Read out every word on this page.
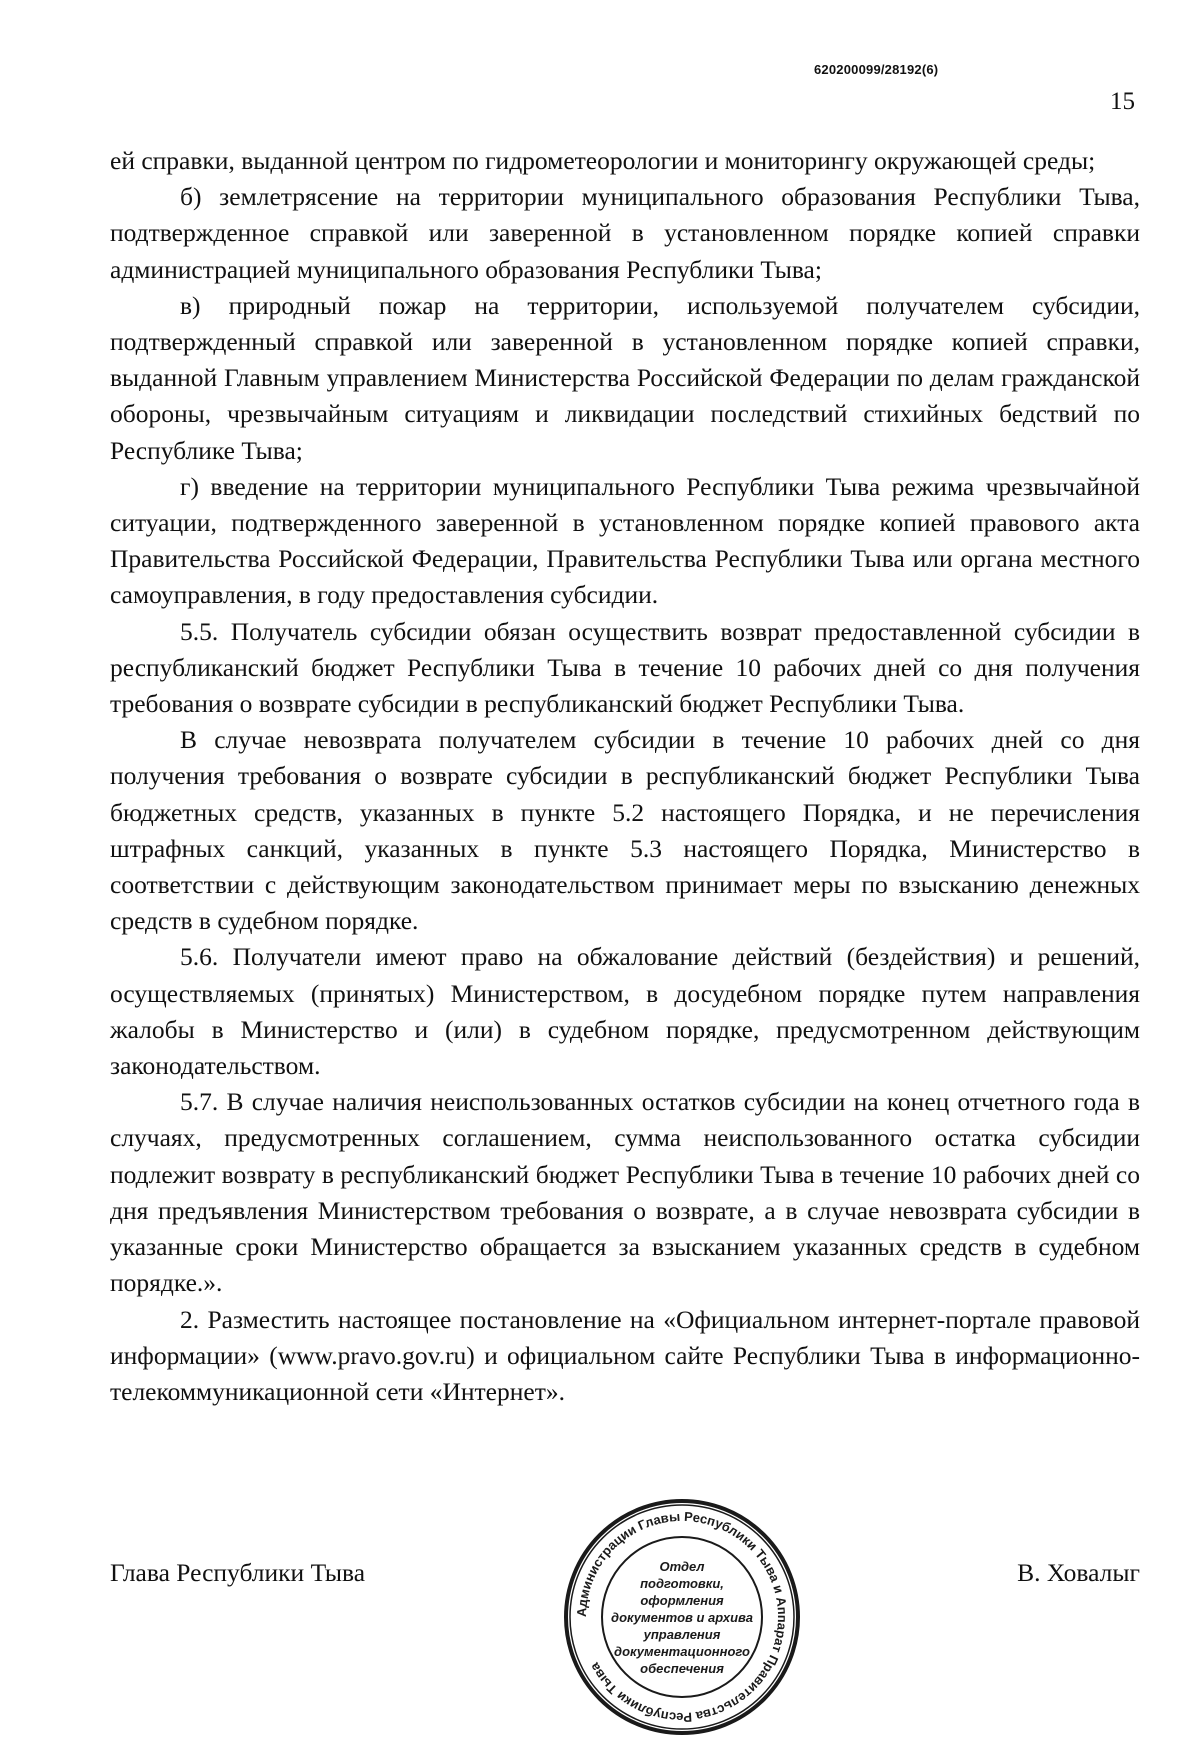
620200099/28192(6)
15

ей справки, выданной центром по гидрометеорологии и мониторингу окружающей среды;

б) землетрясение на территории муниципального образования Республики Тыва, подтвержденное справкой или заверенной в установленном порядке копией справки администрацией муниципального образования Республики Тыва;

в) природный пожар на территории, используемой получателем субсидии, подтвержденный справкой или заверенной в установленном порядке копией справки, выданной Главным управлением Министерства Российской Федерации по делам гражданской обороны, чрезвычайным ситуациям и ликвидации последствий стихийных бедствий по Республике Тыва;

г) введение на территории муниципального Республики Тыва режима чрезвычайной ситуации, подтвержденного заверенной в установленном порядке копией правового акта Правительства Российской Федерации, Правительства Республики Тыва или органа местного самоуправления, в году предоставления субсидии.

5.5. Получатель субсидии обязан осуществить возврат предоставленной субсидии в республиканский бюджет Республики Тыва в течение 10 рабочих дней со дня получения требования о возврате субсидии в республиканский бюджет Республики Тыва.

В случае невозврата получателем субсидии в течение 10 рабочих дней со дня получения требования о возврате субсидии в республиканский бюджет Республики Тыва бюджетных средств, указанных в пункте 5.2 настоящего Порядка, и не перечисления штрафных санкций, указанных в пункте 5.3 настоящего Порядка, Министерство в соответствии с действующим законодательством принимает меры по взысканию денежных средств в судебном порядке.

5.6. Получатели имеют право на обжалование действий (бездействия) и решений, осуществляемых (принятых) Министерством, в досудебном порядке путем направления жалобы в Министерство и (или) в судебном порядке, предусмотренном действующим законодательством.

5.7. В случае наличия неиспользованных остатков субсидии на конец отчетного года в случаях, предусмотренных соглашением, сумма неиспользованного остатка субсидии подлежит возврату в республиканский бюджет Республики Тыва в течение 10 рабочих дней со дня предъявления Министерством требования о возврате, а в случае невозврата субсидии в указанные сроки Министерство обращается за взысканием указанных средств в судебном порядке.».

2. Разместить настоящее постановление на «Официальном интернет-портале правовой информации» (www.pravo.gov.ru) и официальном сайте Республики Тыва в информационно-телекоммуникационной сети «Интернет».

Администрации Главы Республики Тыва и Аппарат Правительства Республики Тыва
Отдел
подготовки,
оформления
документов и архива
управления
документационного
обеспечения
Глава Республики Тыва	В. Ховалыг
